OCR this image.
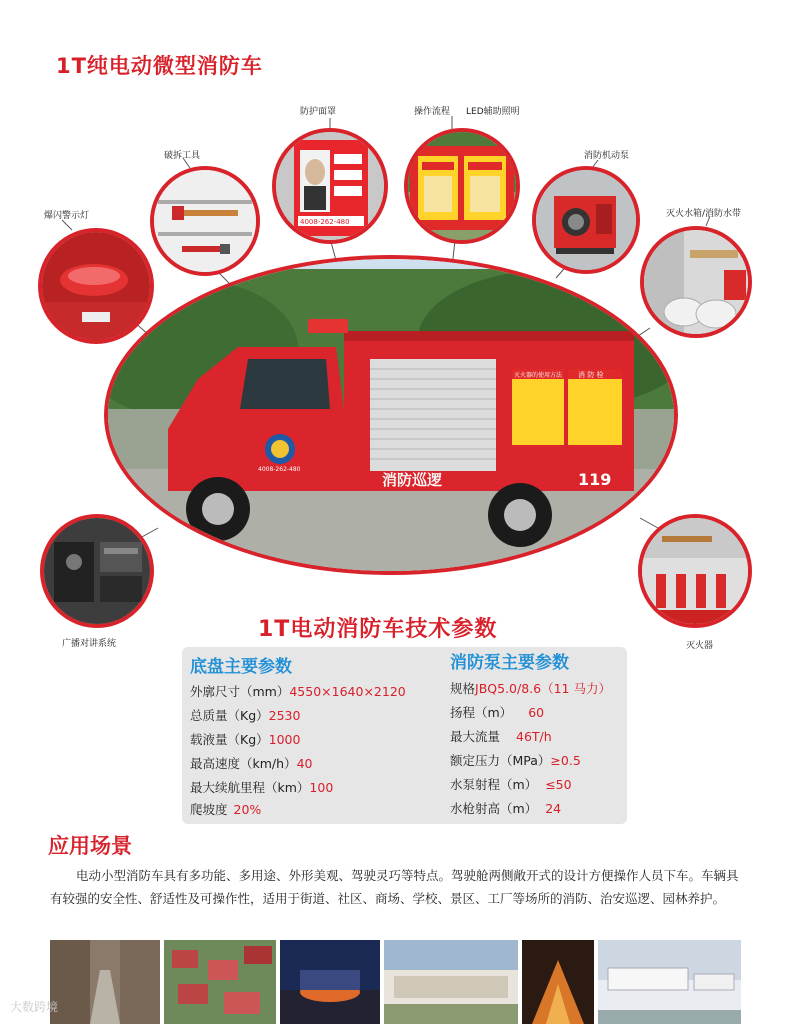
1T纯电动微型消防车
防护面罩	操作流程 LED辅助照明
破拆工具	消防机动泵
爆闪警示灯	灭火水箱/消防水带
广播对讲系统	灭火器
4008-262-480
消防巡逻	119
灭火器的使用方法 消 防 栓
4008-262-480
1T电动消防车技术参数
底盘主要参数	消防泵主要参数
外廓尺寸（mm）4550×1640×2120
总质量（Kg）2530
载液量（Kg）1000
最高速度（km/h）40
最大续航里程（km）100
爬坡度 20%
规格JBQ5.0/8.6（11 马力）
扬程（m） 60
最大流量 46T/h
额定压力（MPa）≥0.5
水泵射程（m） ≤50
水枪射高（m） 24
应用场景
电动小型消防车具有多功能、多用途、外形美观、驾驶灵巧等特点。驾驶舱两侧敞开式的设计方便操作人员下车。车辆具有较强的安全性、舒适性及可操作性，适用于街道、社区、商场、学校、景区、工厂等场所的消防、治安巡逻、园林养护。
大数跨境
